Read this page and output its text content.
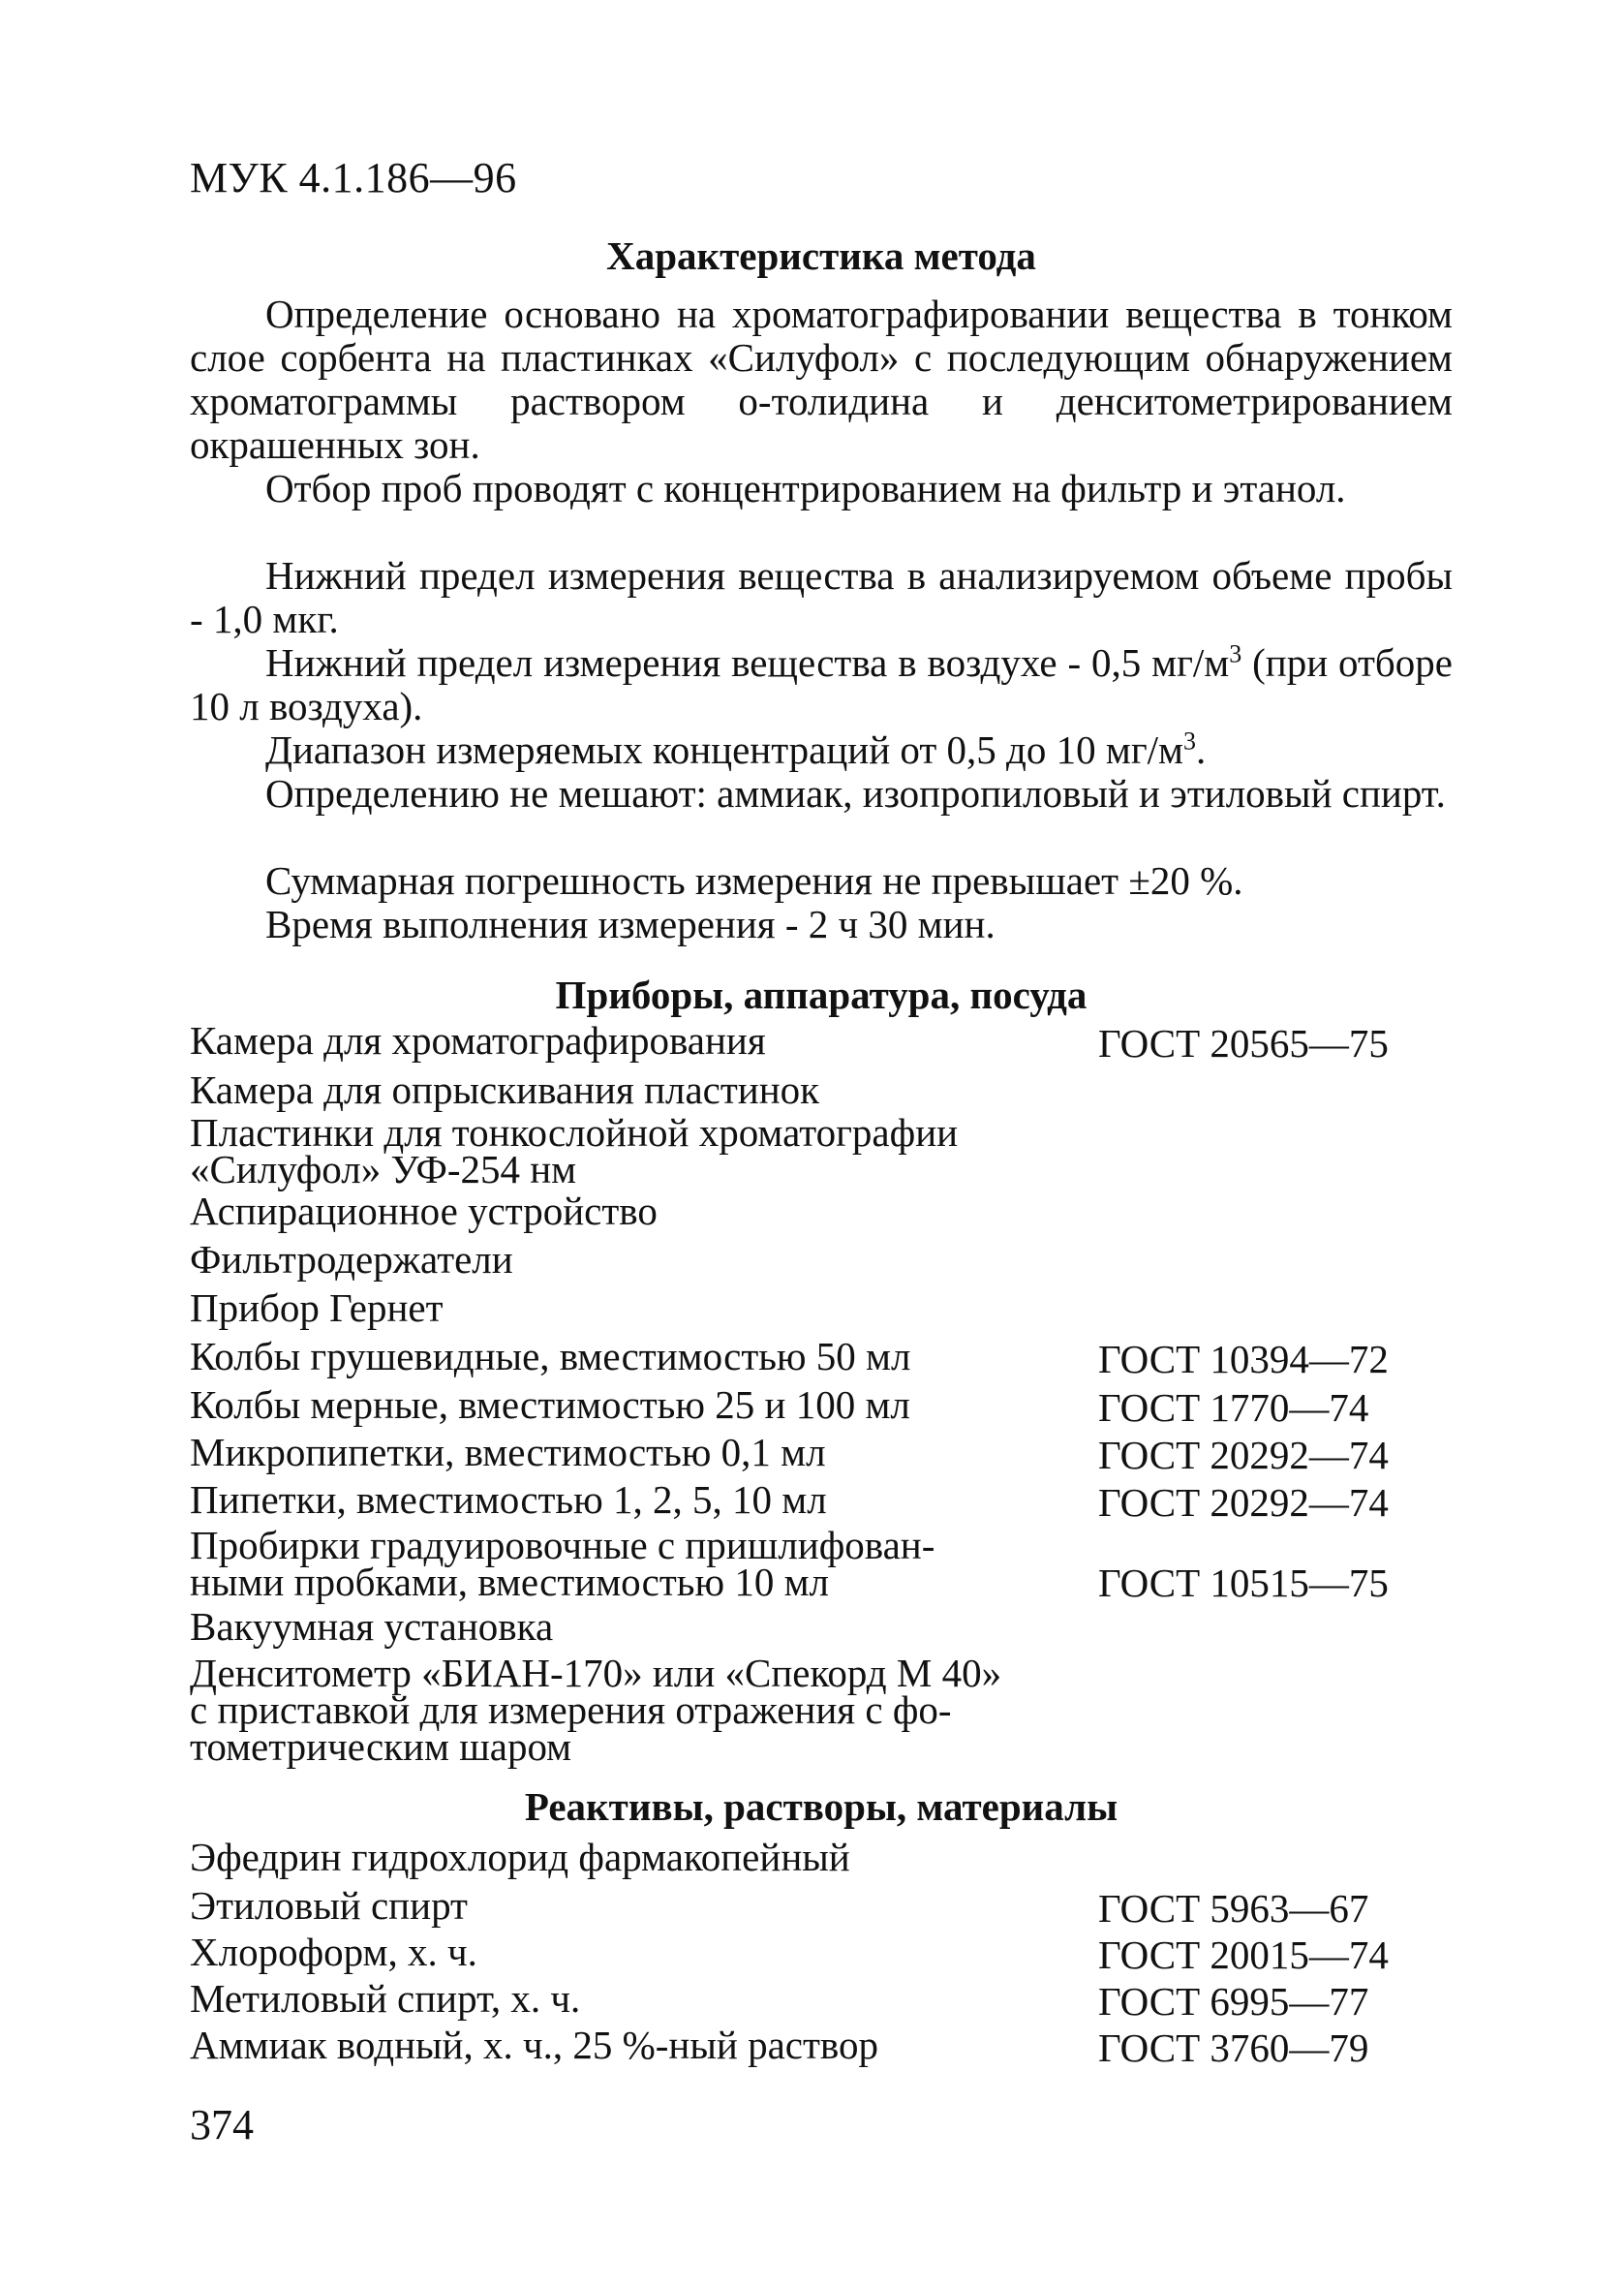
МУК 4.1.186—96
Характеристика метода

Определение основано на хроматографировании вещества в тонком слое сорбента на пластинках «Силуфол» с последующим обнаружением хроматограммы раствором о-толидина и денситометрированием окрашенных зон.

Отбор проб проводят с концентрированием на фильтр и этанол.

Нижний предел измерения вещества в анализируемом объеме пробы - 1,0 мкг.

Нижний предел измерения вещества в воздухе - 0,5 $мг/м^3$ (при отборе 10 л воздуха).

Диапазон измеряемых концентраций от 0,5 до 10 $мг/м^3$.

Определению не мешают: аммиак, изопропиловый и этиловый спирт.

Суммарная погрешность измерения не превышает ±20 %.

Время выполнения измерения - 2 ч 30 мин.

Приборы, аппаратура, посуда
Камера для хроматографирования	ГОСТ 20565—75
Камера для опрыскивания пластинок
Пластинки для тонкослойной хроматографии
«Силуфол» УФ-254 нм
Аспирационное устройство
Фильтродержатели
Прибор Гернет
Колбы грушевидные, вместимостью 50 мл	ГОСТ 10394—72
Колбы мерные, вместимостью 25 и 100 мл	ГОСТ 1770—74
Микропипетки, вместимостью 0,1 мл	ГОСТ 20292—74
Пипетки, вместимостью 1, 2, 5, 10 мл	ГОСТ 20292—74
Пробирки градуировочные с пришлифован-
ными пробками, вместимостью 10 мл	ГОСТ 10515—75
Вакуумная установка
Денситометр «БИАН-170» или «Спекорд М 40»
с приставкой для измерения отражения с фо-
тометрическим шаром
Реактивы, растворы, материалы
Эфедрин гидрохлорид фармакопейный
Этиловый спирт	ГОСТ 5963—67
Хлороформ, х. ч.	ГОСТ 20015—74
Метиловый спирт, х. ч.	ГОСТ 6995—77
Аммиак водный, х. ч., 25 %-ный раствор	ГОСТ 3760—79
374
